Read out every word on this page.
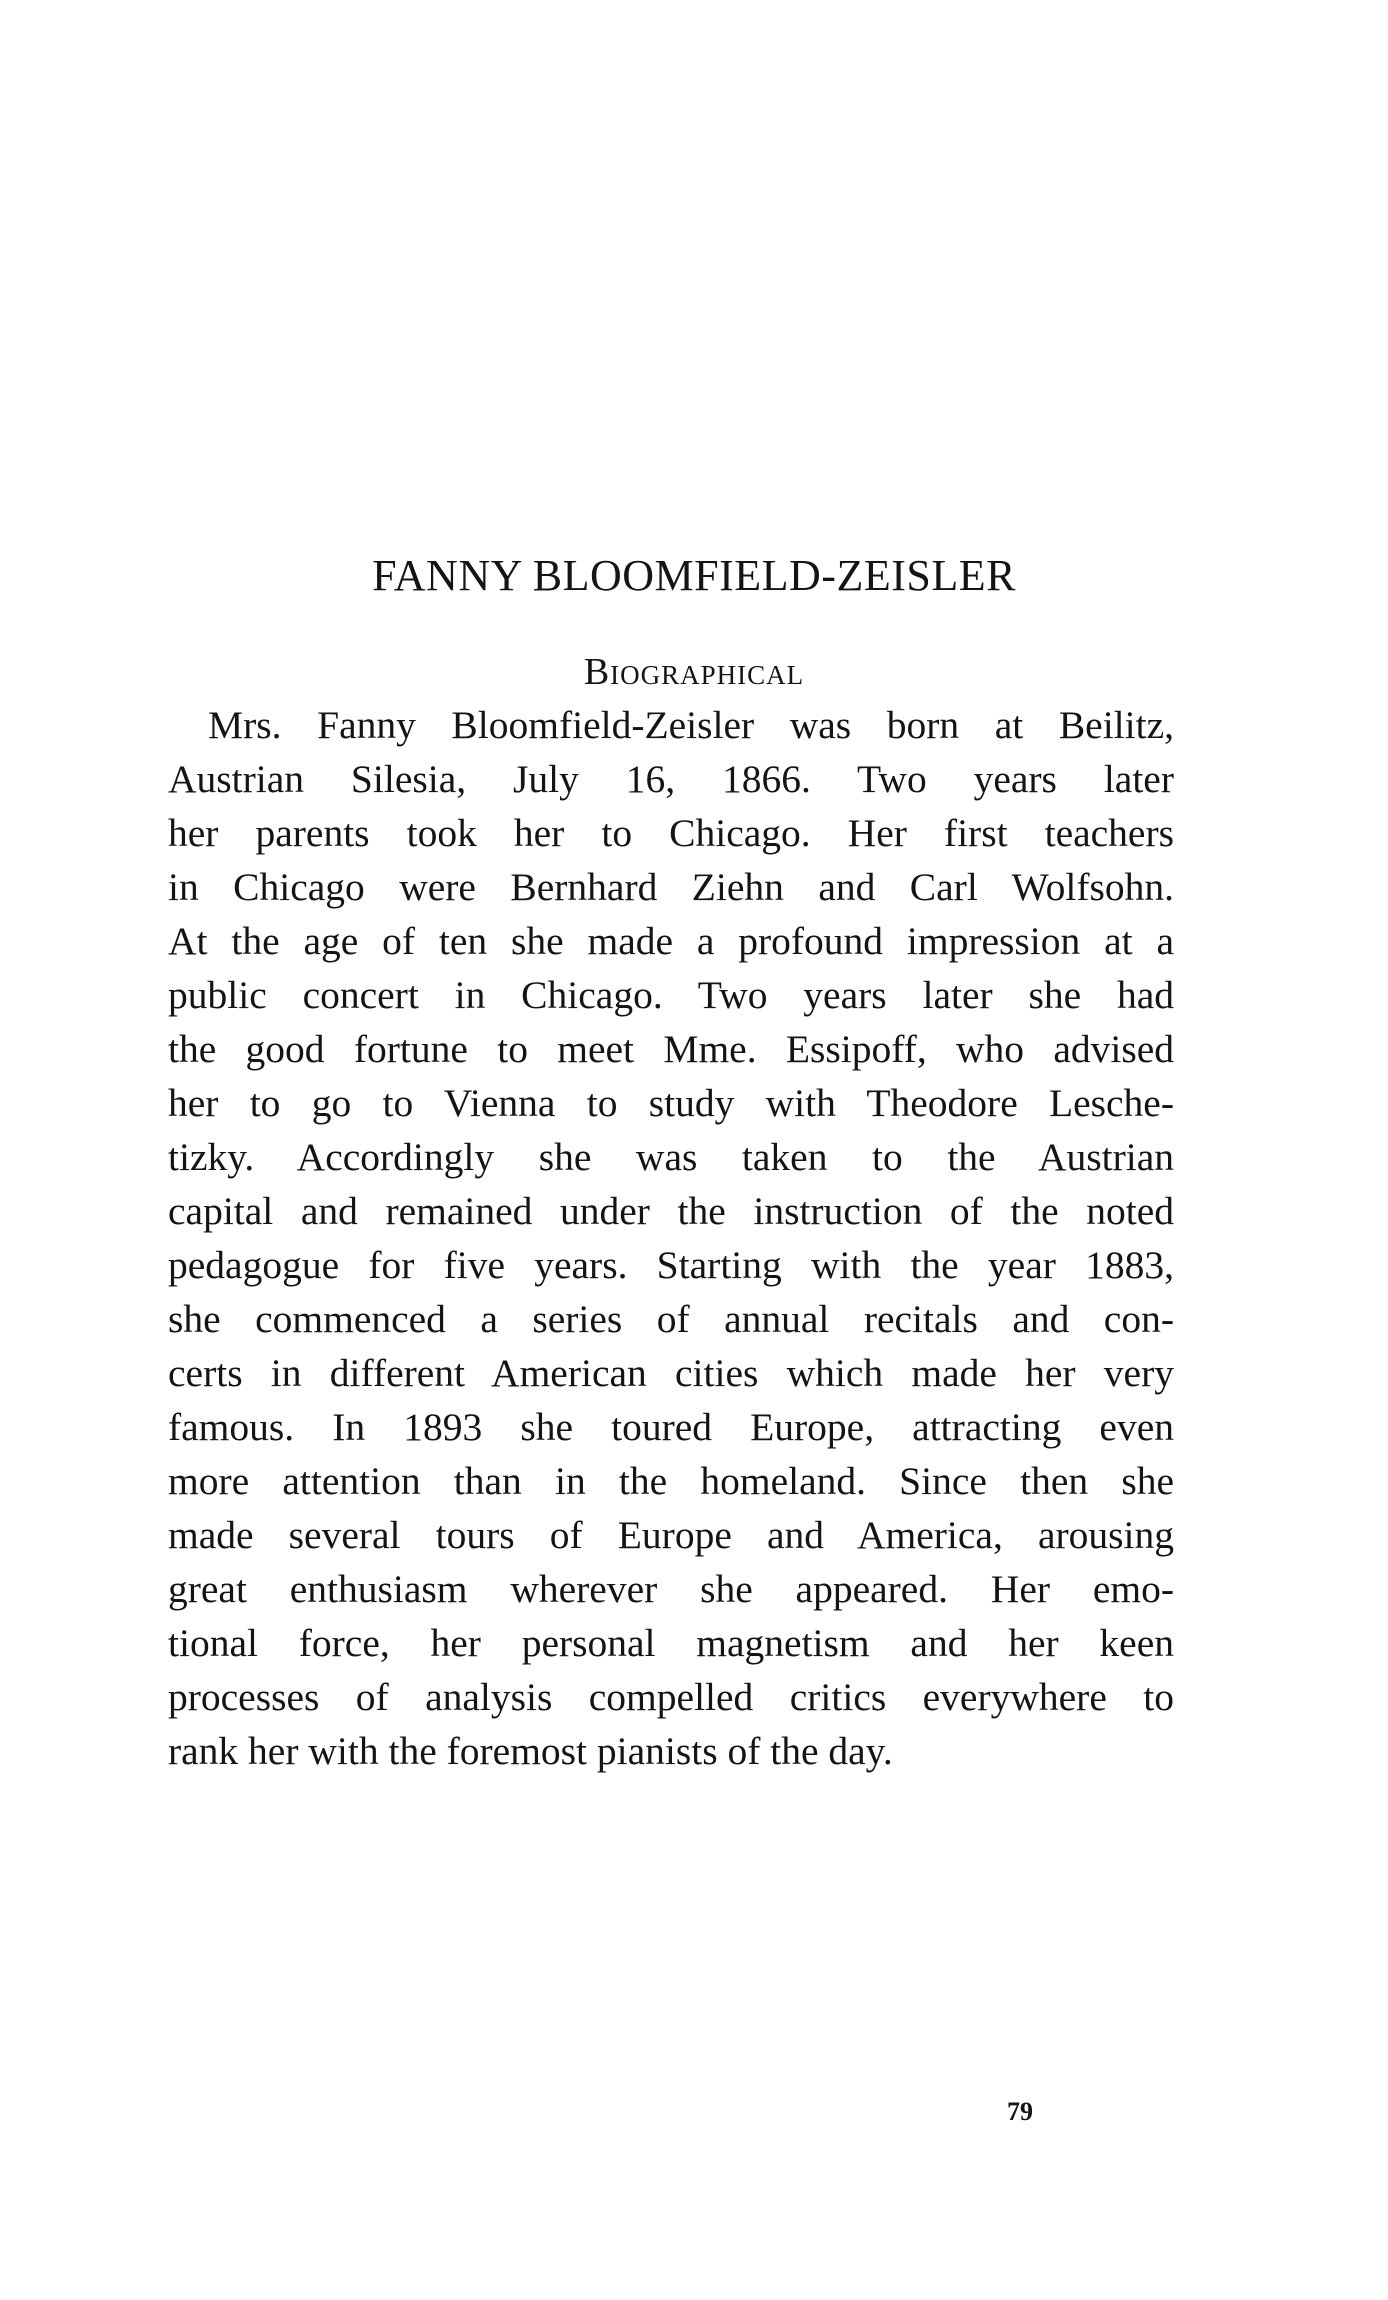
FANNY BLOOMFIELD-ZEISLER
Biographical
Mrs. Fanny Bloomfield-Zeisler was born at Beilitz,
Austrian Silesia, July 16, 1866. Two years later
her parents took her to Chicago. Her first teachers
in Chicago were Bernhard Ziehn and Carl Wolfsohn.
At the age of ten she made a profound impression at a
public concert in Chicago. Two years later she had
the good fortune to meet Mme. Essipoff, who advised
her to go to Vienna to study with Theodore Lesche-
tizky. Accordingly she was taken to the Austrian
capital and remained under the instruction of the noted
pedagogue for five years. Starting with the year 1883,
she commenced a series of annual recitals and con-
certs in different American cities which made her very
famous. In 1893 she toured Europe, attracting even
more attention than in the homeland. Since then she
made several tours of Europe and America, arousing
great enthusiasm wherever she appeared. Her emo-
tional force, her personal magnetism and her keen
processes of analysis compelled critics everywhere to
rank her with the foremost pianists of the day.
79
